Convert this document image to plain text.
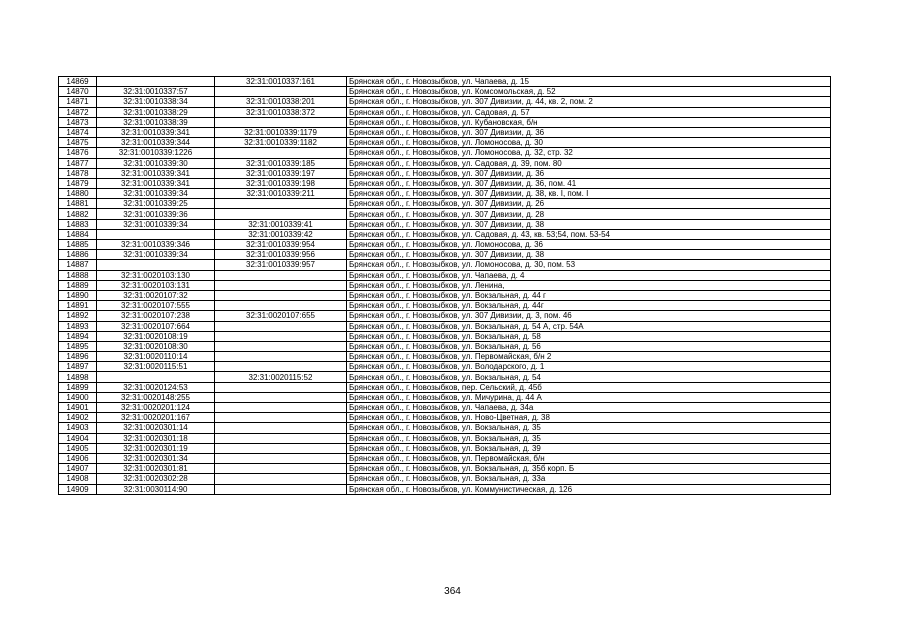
14869		32:31:0010337:161	Брянская обл., г. Новозыбков, ул. Чапаева, д. 15
14870	32:31:0010337:57		Брянская обл., г. Новозыбков, ул. Комсомольская, д. 52
14871	32:31:0010338:34	32:31:0010338:201	Брянская обл., г. Новозыбков, ул. 307 Дивизии, д. 44, кв. 2, пом. 2
14872	32:31:0010338:29	32:31:0010338:372	Брянская обл., г. Новозыбков, ул. Садовая, д. 57
14873	32:31:0010338:39		Брянская обл., г. Новозыбков, ул. Кубановская, б/н
14874	32:31:0010339:341	32:31:0010339:1179	Брянская обл., г. Новозыбков, ул. 307 Дивизии, д. 36
14875	32:31:0010339:344	32:31:0010339:1182	Брянская обл., г. Новозыбков, ул. Ломоносова, д. 30
14876	32:31:0010339:1226		Брянская обл., г. Новозыбков, ул. Ломоносова, д. 32, стр. 32
14877	32:31:0010339:30	32:31:0010339:185	Брянская обл., г. Новозыбков, ул. Садовая, д. 39, пом. 80
14878	32:31:0010339:341	32:31:0010339:197	Брянская обл., г. Новозыбков, ул. 307 Дивизии, д. 36
14879	32:31:0010339:341	32:31:0010339:198	Брянская обл., г. Новозыбков, ул. 307 Дивизии, д. 36, пом. 41
14880	32:31:0010339:34	32:31:0010339:211	Брянская обл., г. Новозыбков, ул. 307 Дивизии, д. 38, кв. I, пом. I
14881	32:31:0010339:25		Брянская обл., г. Новозыбков, ул. 307 Дивизии, д. 26
14882	32:31:0010339:36		Брянская обл., г. Новозыбков, ул. 307 Дивизии, д. 28
14883	32:31:0010339:34	32:31:0010339:41	Брянская обл., г. Новозыбков, ул. 307 Дивизии, д. 38
14884		32:31:0010339:42	Брянская обл., г. Новозыбков, ул. Садовая, д. 43, кв. 53;54, пом. 53-54
14885	32:31:0010339:346	32:31:0010339:954	Брянская обл., г. Новозыбков, ул. Ломоносова, д. 36
14886	32:31:0010339:34	32:31:0010339:956	Брянская обл., г. Новозыбков, ул. 307 Дивизии, д. 38
14887		32:31:0010339:957	Брянская обл., г. Новозыбков, ул. Ломоносова, д. 30, пом. 53
14888	32:31:0020103:130		Брянская обл., г. Новозыбков, ул. Чапаева, д. 4
14889	32:31:0020103:131		Брянская обл., г. Новозыбков, ул. Ленина,
14890	32:31:0020107:32		Брянская обл., г. Новозыбков, ул. Вокзальная, д. 44 г
14891	32:31:0020107:555		Брянская обл., г. Новозыбков, ул. Вокзальная, д. 44г
14892	32:31:0020107:238	32:31:0020107:655	Брянская обл., г. Новозыбков, ул. 307 Дивизии, д. 3, пом. 46
14893	32:31:0020107:664		Брянская обл., г. Новозыбков, ул. Вокзальная, д. 54 А, стр. 54А
14894	32:31:0020108:19		Брянская обл., г. Новозыбков, ул. Вокзальная, д. 58
14895	32:31:0020108:30		Брянская обл., г. Новозыбков, ул. Вокзальная, д. 56
14896	32:31:0020110:14		Брянская обл., г. Новозыбков, ул. Первомайская, б/н 2
14897	32:31:0020115:51		Брянская обл., г. Новозыбков, ул. Володарского, д. 1
14898		32:31:0020115:52	Брянская обл., г. Новозыбков, ул. Вокзальная, д. 54
14899	32:31:0020124:53		Брянская обл., г. Новозыбков, пер. Сельский, д. 45б
14900	32:31:0020148:255		Брянская обл., г. Новозыбков, ул. Мичурина, д. 44 А
14901	32:31:0020201:124		Брянская обл., г. Новозыбков, ул. Чапаева, д. 34а
14902	32:31:0020201:167		Брянская обл., г. Новозыбков, ул. Ново-Цветная, д. 38
14903	32:31:0020301:14		Брянская обл., г. Новозыбков, ул. Вокзальная, д. 35
14904	32:31:0020301:18		Брянская обл., г. Новозыбков, ул. Вокзальная, д. 35
14905	32:31:0020301:19		Брянская обл., г. Новозыбков, ул. Вокзальная, д. 39
14906	32:31:0020301:34		Брянская обл., г. Новозыбков, ул. Первомайская, б/н
14907	32:31:0020301:81		Брянская обл., г. Новозыбков, ул. Вокзальная, д. 35б корп. Б
14908	32:31:0020302:28		Брянская обл., г. Новозыбков, ул. Вокзальная, д. 33а
14909	32:31:0030114:90		Брянская обл., г. Новозыбков, ул. Коммунистическая, д. 126
364
